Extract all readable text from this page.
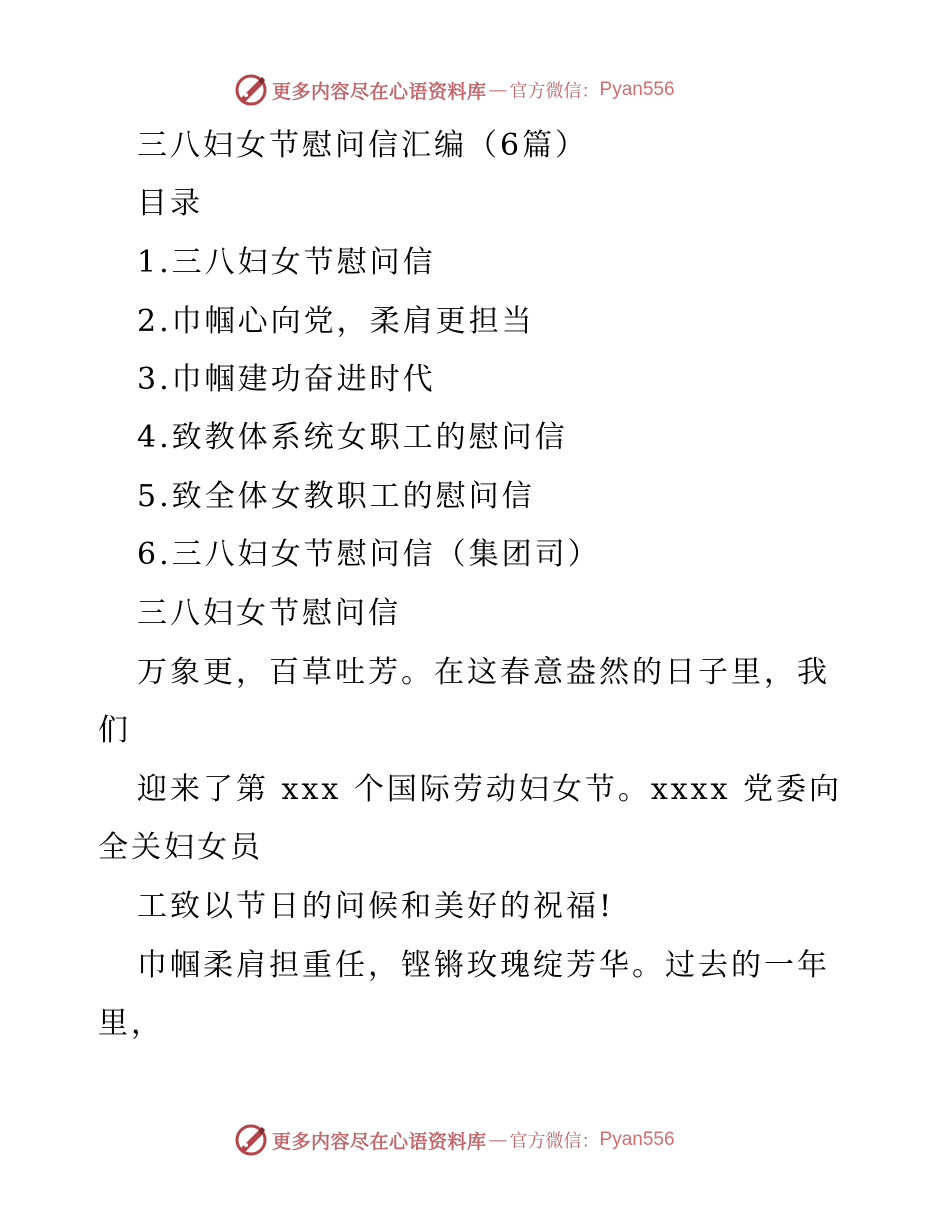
更多内容尽在心语资料库 — 官方微信： Pyan556
三八妇女节慰问信汇编（6篇）
目录
1.三八妇女节慰问信
2.巾帼心向党，柔肩更担当
3.巾帼建功奋进时代
4.致教体系统女职工的慰问信
5.致全体女教职工的慰问信
6.三八妇女节慰问信（集团司）
三八妇女节慰问信
万象更，百草吐芳。在这春意盎然的日子里，我
们
迎来了第 xxx 个国际劳动妇女节。xxxx 党委向
全关妇女员
工致以节日的问候和美好的祝福!
巾帼柔肩担重任，铿锵玫瑰绽芳华。过去的一年
里，
更多内容尽在心语资料库 — 官方微信： Pyan556
